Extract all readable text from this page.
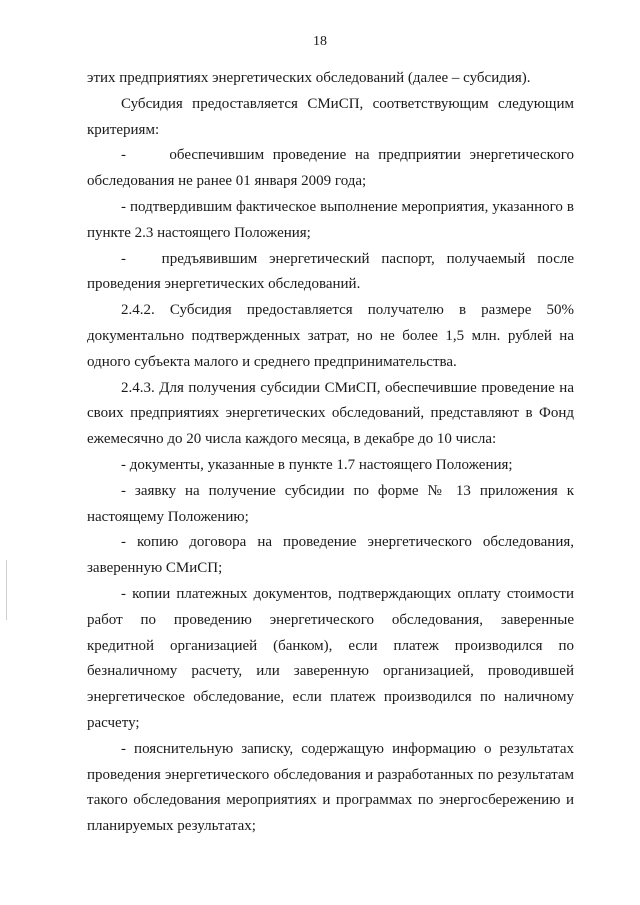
18

этих предприятиях энергетических обследований (далее – субсидия).

Субсидия предоставляется СМиСП, соответствующим следующим критериям:

-     обеспечившим проведение на предприятии энергетического обследования не ранее 01 января 2009 года;

- подтвердившим фактическое выполнение мероприятия, указанного в пункте 2.3 настоящего Положения;

-   предъявившим энергетический паспорт, получаемый после проведения энергетических обследований.

2.4.2. Субсидия предоставляется получателю в размере 50% документально подтвержденных затрат, но не более 1,5 млн. рублей на одного субъекта малого и среднего предпринимательства.

2.4.3. Для получения субсидии СМиСП, обеспечившие проведение на своих предприятиях энергетических обследований, представляют в Фонд ежемесячно до 20 числа каждого месяца, в декабре до 10 числа:

- документы, указанные в пункте 1.7 настоящего Положения;

- заявку на получение субсидии по форме № 13 приложения к настоящему Положению;

- копию договора на проведение энергетического обследования, заверенную СМиСП;

- копии платежных документов, подтверждающих оплату стоимости работ по проведению энергетического обследования, заверенные кредитной организацией (банком), если платеж производился по безналичному расчету, или заверенную организацией, проводившей энергетическое обследование, если платеж производился по наличному расчету;

- пояснительную записку, содержащую информацию о результатах проведения энергетического обследования и разработанных по результатам такого обследования мероприятиях и программах по энергосбережению и планируемых результатах;
